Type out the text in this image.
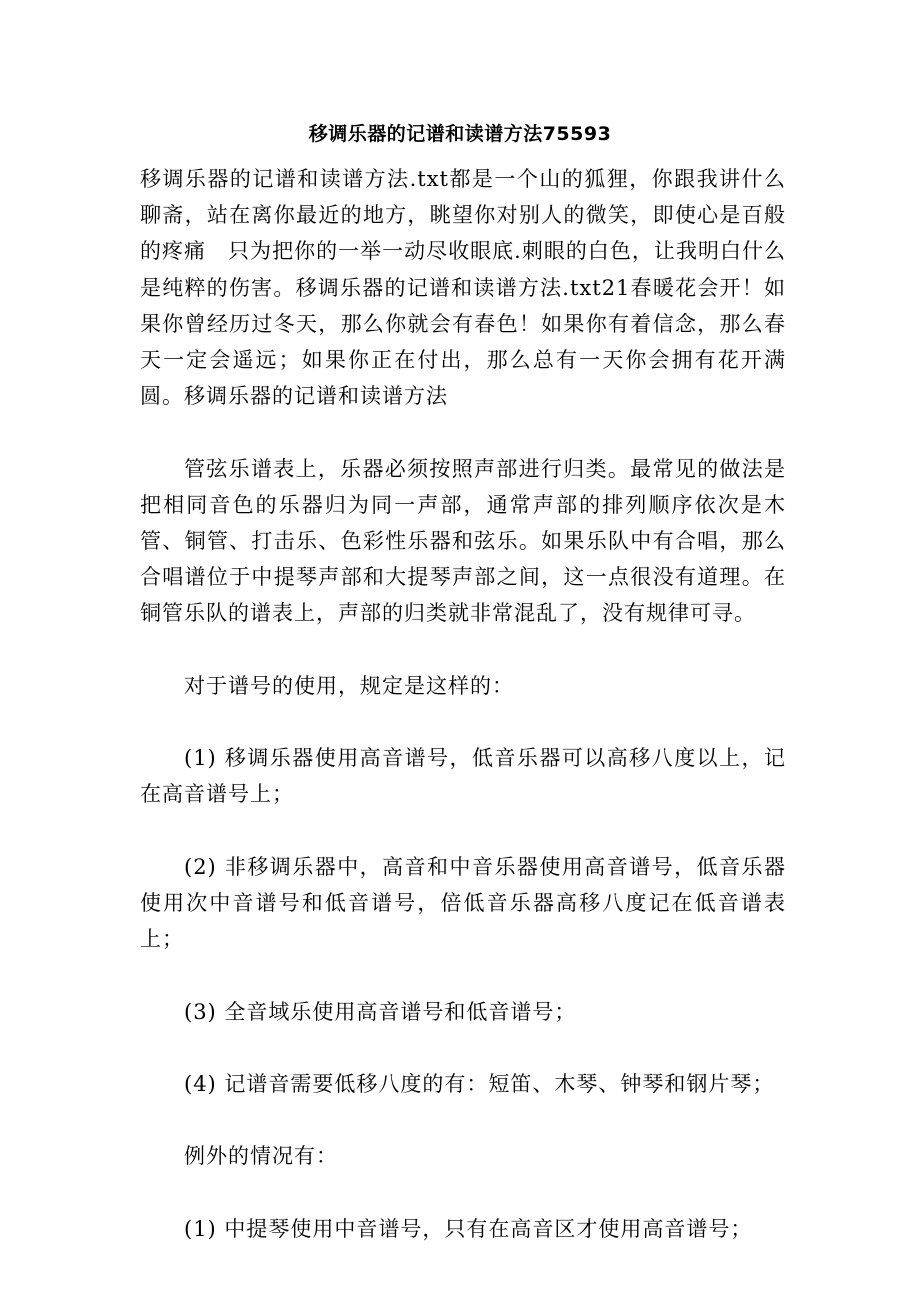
移调乐器的记谱和读谱方法75593

移调乐器的记谱和读谱方法.txt都是一个山的狐狸，你跟我讲什么聊斋，站在离你最近的地方，眺望你对别人的微笑，即使心是百般的疼痛　只为把你的一举一动尽收眼底.刺眼的白色，让我明白什么是纯粹的伤害。移调乐器的记谱和读谱方法.txt21春暖花会开！如果你曾经历过冬天，那么你就会有春色！如果你有着信念，那么春天一定会遥远；如果你正在付出，那么总有一天你会拥有花开满圆。移调乐器的记谱和读谱方法

管弦乐谱表上，乐器必须按照声部进行归类。最常见的做法是把相同音色的乐器归为同一声部，通常声部的排列顺序依次是木管、铜管、打击乐、色彩性乐器和弦乐。如果乐队中有合唱，那么合唱谱位于中提琴声部和大提琴声部之间，这一点很没有道理。在铜管乐队的谱表上，声部的归类就非常混乱了，没有规律可寻。

对于谱号的使用，规定是这样的：

(1) 移调乐器使用高音谱号，低音乐器可以高移八度以上，记在高音谱号上；

(2) 非移调乐器中，高音和中音乐器使用高音谱号，低音乐器使用次中音谱号和低音谱号，倍低音乐器高移八度记在低音谱表上；

(3) 全音域乐使用高音谱号和低音谱号；

(4) 记谱音需要低移八度的有：短笛、木琴、钟琴和钢片琴；

例外的情况有：

(1) 中提琴使用中音谱号，只有在高音区才使用高音谱号；
